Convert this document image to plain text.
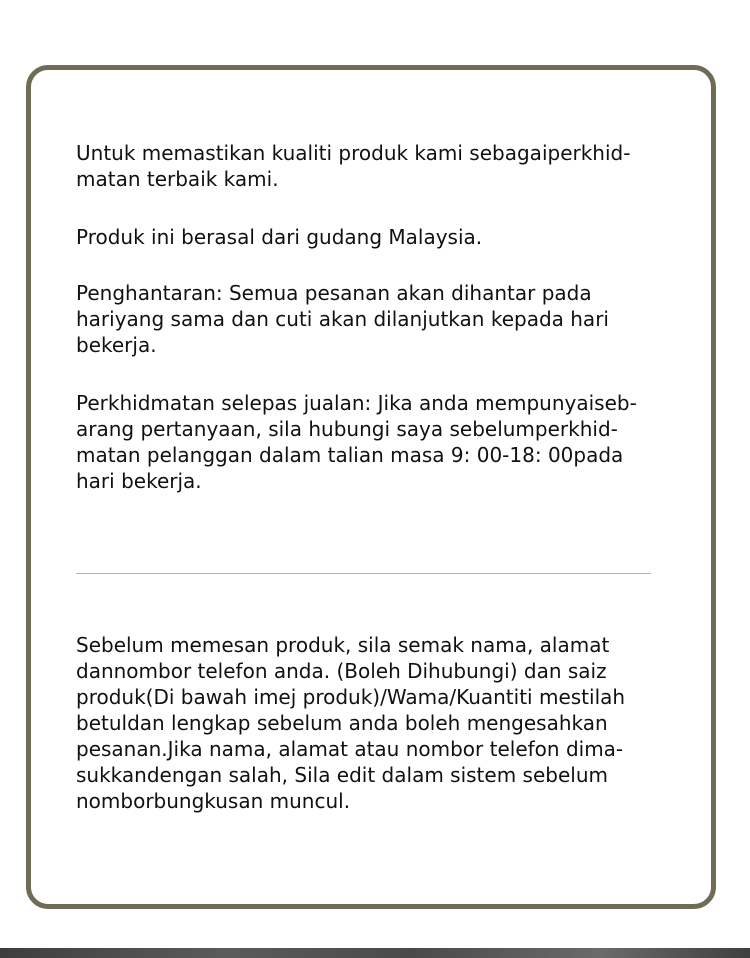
Untuk memastikan kualiti produk kami sebagaiperkhid-
matan terbaik kami.

Produk ini berasal dari gudang Malaysia.

Penghantaran: Semua pesanan akan dihantar pada
hariyang sama dan cuti akan dilanjutkan kepada hari
bekerja.

Perkhidmatan selepas jualan: Jika anda mempunyaiseb-
arang pertanyaan, sila hubungi saya sebelumperkhid-
matan pelanggan dalam talian masa 9: 00-18: 00pada
hari bekerja.

Sebelum memesan produk, sila semak nama, alamat
dannombor telefon anda. (Boleh Dihubungi) dan saiz
produk(Di bawah imej produk)/Wama/Kuantiti mestilah
betuldan lengkap sebelum anda boleh mengesahkan
pesanan.Jika nama, alamat atau nombor telefon dima-
sukkandengan salah, Sila edit dalam sistem sebelum
nomborbungkusan muncul.
